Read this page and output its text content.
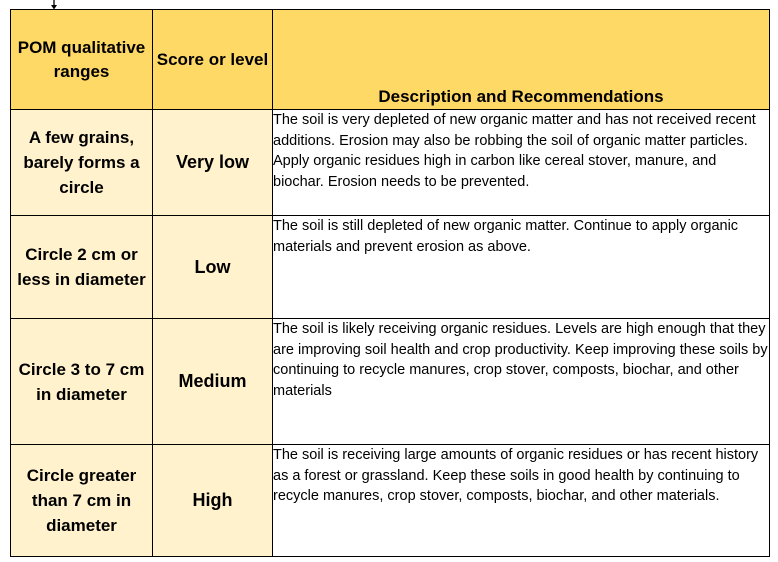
POM qualitative ranges	Score or level	Description and Recommendations
A few grains, barely forms a circle	Very low	The soil is very depleted of new organic matter and has not received recent additions. Erosion may also be robbing the soil of organic matter particles. Apply organic residues high in carbon like cereal stover, manure, and biochar. Erosion needs to be prevented.
Circle 2 cm or less in diameter	Low	The soil is still depleted of new organic matter. Continue to apply organic materials and prevent erosion as above.
Circle 3 to 7 cm in diameter	Medium	The soil is likely receiving organic residues. Levels are high enough that they are improving soil health and crop productivity. Keep improving these soils by continuing to recycle manures, crop stover, composts, biochar, and other materials
Circle greater than 7 cm in diameter	High	The soil is receiving large amounts of organic residues or has recent history as a forest or grassland. Keep these soils in good health by continuing to recycle manures, crop stover, composts, biochar, and other materials.
